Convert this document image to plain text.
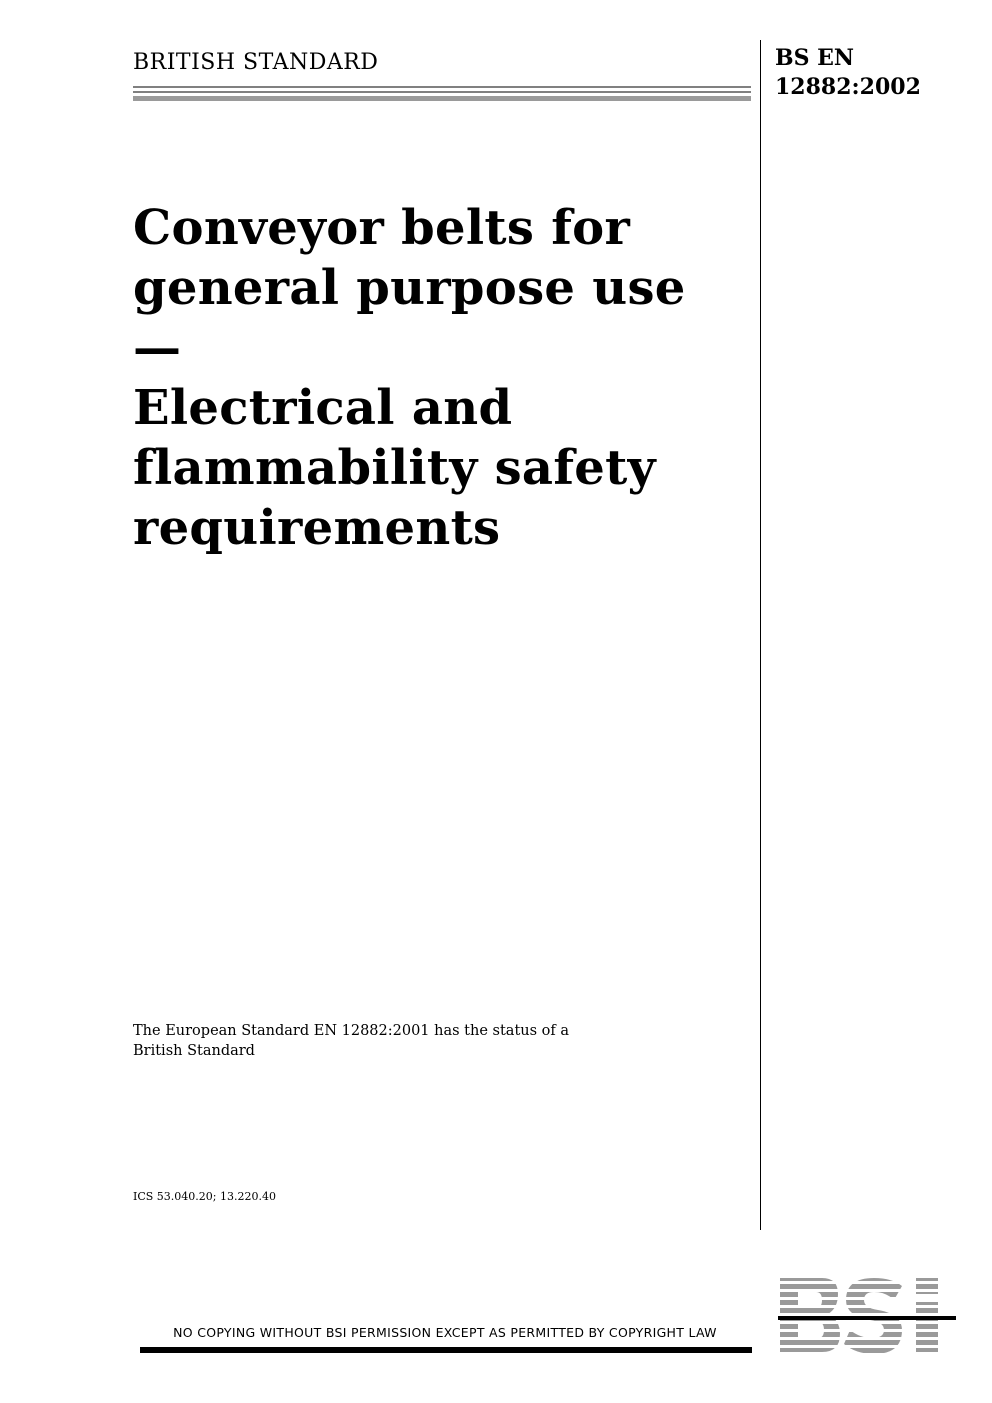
BRITISH STANDARD	BS EN
12882:2002
Conveyor belts for
general purpose use —
Electrical and
flammability safety
requirements
The European Standard EN 12882:2001 has the status of a
British Standard
ICS 53.040.20; 13.220.40
NO COPYING WITHOUT BSI PERMISSION EXCEPT AS PERMITTED BY COPYRIGHT LAW
